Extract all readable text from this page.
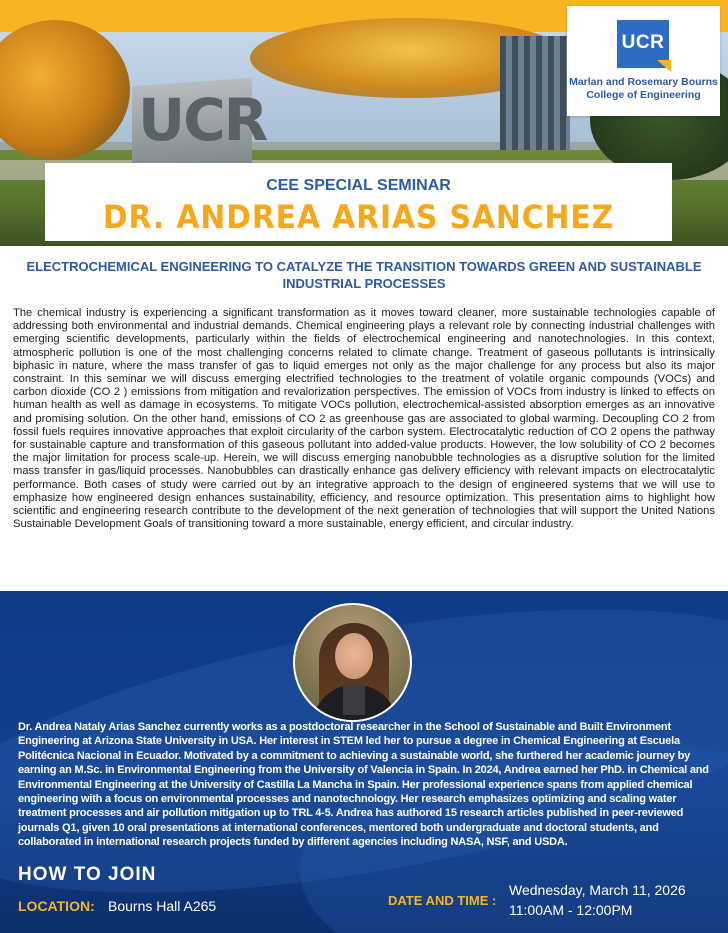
UCR
UCR
Marlan and Rosemary Bourns
College of Engineering
CEE SPECIAL SEMINAR
DR. ANDREA ARIAS SANCHEZ
ELECTROCHEMICAL ENGINEERING TO CATALYZE THE TRANSITION TOWARDS GREEN AND SUSTAINABLE INDUSTRIAL PROCESSES
The chemical industry is experiencing a significant transformation as it moves toward cleaner, more sustainable technologies capable of addressing both environmental and industrial demands. Chemical engineering plays a relevant role by connecting industrial challenges with emerging scientific developments, particularly within the fields of electrochemical engineering and nanotechnologies. In this context, atmospheric pollution is one of the most challenging concerns related to climate change. Treatment of gaseous pollutants is intrinsically biphasic in nature, where the mass transfer of gas to liquid emerges not only as the major challenge for any process but also its major constraint. In this seminar we will discuss emerging electrified technologies to the treatment of volatile organic compounds (VOCs) and carbon dioxide (CO 2 ) emissions from mitigation and revalorization perspectives. The emission of VOCs from industry is linked to effects on human health as well as damage in ecosystems. To mitigate VOCs pollution, electrochemical-assisted absorption emerges as an innovative and promising solution. On the other hand, emissions of CO 2 as greenhouse gas are associated to global warming. Decoupling CO 2 from fossil fuels requires innovative approaches that exploit circularity of the carbon system. Electrocatalytic reduction of CO 2 opens the pathway for sustainable capture and transformation of this gaseous pollutant into added-value products. However, the low solubility of CO 2 becomes the major limitation for process scale-up. Herein, we will discuss emerging nanobubble technologies as a disruptive solution for the limited mass transfer in gas/liquid processes. Nanobubbles can drastically enhance gas delivery efficiency with relevant impacts on electrocatalytic performance. Both cases of study were carried out by an integrative approach to the design of engineered systems that we will use to emphasize how engineered design enhances sustainability, efficiency, and resource optimization. This presentation aims to highlight how scientific and engineering research contribute to the development of the next generation of technologies that will support the United Nations Sustainable Development Goals of transitioning toward a more sustainable, energy efficient, and circular industry.
Dr. Andrea Nataly Arias Sanchez currently works as a postdoctoral researcher in the School of Sustainable and Built Environment Engineering at Arizona State University in USA. Her interest in STEM led her to pursue a degree in Chemical Engineering at Escuela Politécnica Nacional in Ecuador. Motivated by a commitment to achieving a sustainable world, she furthered her academic journey by earning an M.Sc. in Environmental Engineering from the University of Valencia in Spain. In 2024, Andrea earned her PhD. in Chemical and Environmental Engineering at the University of Castilla La Mancha in Spain. Her professional experience spans from applied chemical engineering with a focus on environmental processes and nanotechnology. Her research emphasizes optimizing and scaling water treatment processes and air pollution mitigation up to TRL 4-5. Andrea has authored 15 research articles published in peer-reviewed journals Q1, given 10 oral presentations at international conferences, mentored both undergraduate and doctoral students, and collaborated in international research projects funded by different agencies including NASA, NSF, and USDA.
HOW TO JOIN
LOCATION: Bourns Hall A265	DATE AND TIME :
Wednesday, March 11, 2026
11:00AM - 12:00PM
